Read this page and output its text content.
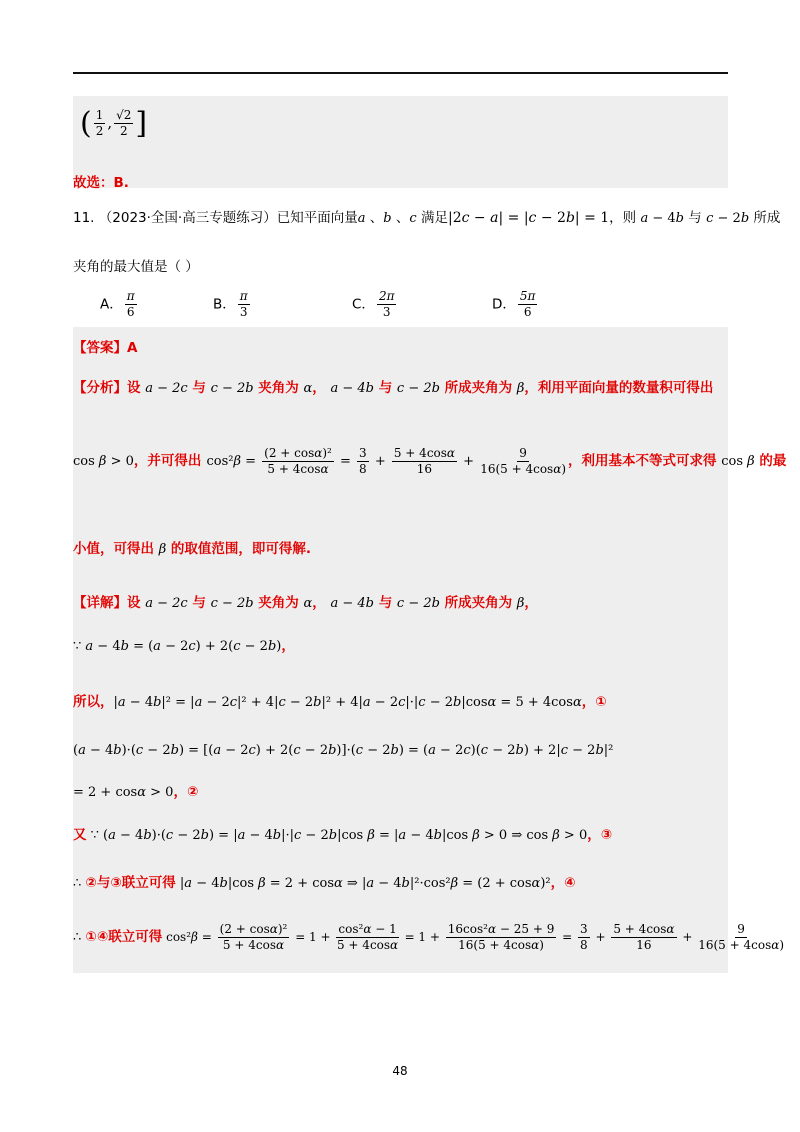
( $\frac{1}{2}$ , $\frac{√2}{2}$ ]
故选：B.
11. （2023·全国·高三专题练习）已知平面向量a 、b 、c 满足|2c − a| = |c − 2b| = 1，则 a − 4b 与 c − 2b 所成
夹角的最大值是（ ）
A． $\frac{\pi}{6}$	B． $\frac{\pi}{3}$	C． $\frac{2\pi}{3}$	D． $\frac{5\pi}{6}$
【答案】A
【分析】设 a − 2c 与 c − 2b 夹角为 α， a − 4b 与 c − 2b 所成夹角为 β，利用平面向量的数量积可得出
cos β > 0，并可得出 $\cos^2\beta = \frac{\text{(2 + cosα)²}}{5 + 4\cos\alpha} = \frac{3}{8} + \frac{5 + 4\cos\alpha}{16} + \frac{9}{16(5 + 4\cos\alpha)}$ ，利用基本不等式可求得 cos β 的最
小值，可得出 β 的取值范围，即可得解.
【详解】设 a − 2c 与 c − 2b 夹角为 α， a − 4b 与 c − 2b 所成夹角为 β，
∵ a − 4b = (a − 2c) + 2(c − 2b)，
所以，|a − 4b|² = |a − 2c|² + 4|c − 2b|² + 4|a − 2c|·|c − 2b|cosα = 5 + 4cosα，①
(a − 4b)·(c − 2b) = [(a − 2c) + 2(c − 2b)]·(c − 2b) = (a − 2c)(c − 2b) + 2|c − 2b|²
= 2 + cosα > 0，②
又 ∵ (a − 4b)·(c − 2b) = |a − 4b|·|c − 2b|cos β = |a − 4b|cos β > 0 ⇒ cos β > 0，③
∴ ②与③联立可得 |a − 4b|cos β = 2 + cosα ⇒ |a − 4b|²·cos²β = (2 + cosα)²，④
∴ ①④联立可得 $\cos^2\beta = \frac{\text{(2 + cosα)²}}{5 + 4\cos\alpha} = 1 + \frac{\text{cos²α − 1}}{5 + 4\cos\alpha} = 1 + \frac{\text{16cos²α − 25 + 9}}{16(5 + 4\cos\alpha)} = \frac{3}{8} + \frac{5 + 4\cos\alpha}{16} + \frac{9}{16(5 + 4\cos\alpha)}$
48
